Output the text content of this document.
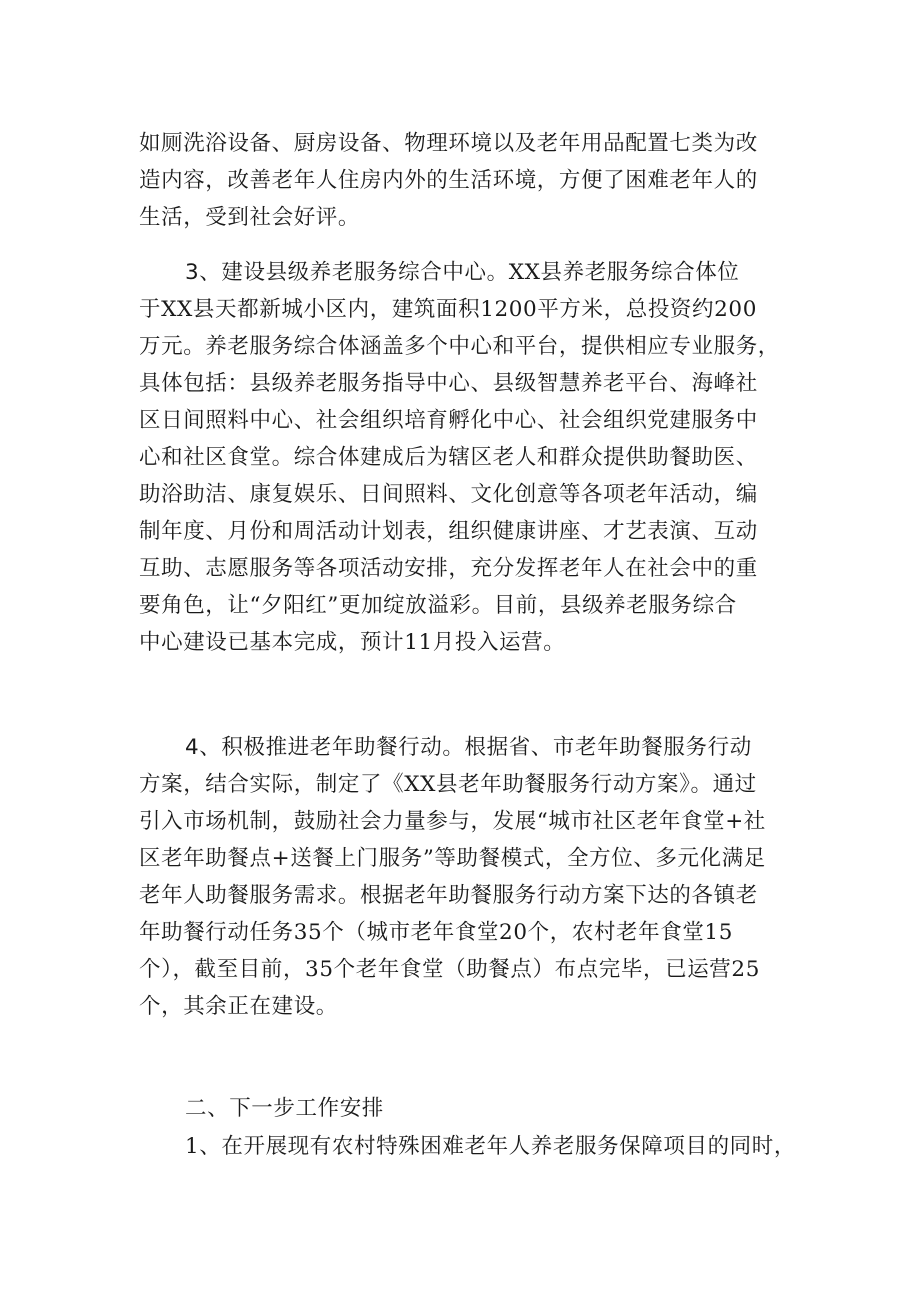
如厕洗浴设备、厨房设备、物理环境以及老年用品配置七类为改
造内容，改善老年人住房内外的生活环境，方便了困难老年人的
生活，受到社会好评。
3、建设县级养老服务综合中心。XX县养老服务综合体位
于XX县天都新城小区内，建筑面积1200平方米，总投资约200
万元。养老服务综合体涵盖多个中心和平台，提供相应专业服务，
具体包括：县级养老服务指导中心、县级智慧养老平台、海峰社
区日间照料中心、社会组织培育孵化中心、社会组织党建服务中
心和社区食堂。综合体建成后为辖区老人和群众提供助餐助医、
助浴助洁、康复娱乐、日间照料、文化创意等各项老年活动，编
制年度、月份和周活动计划表，组织健康讲座、才艺表演、互动
互助、志愿服务等各项活动安排，充分发挥老年人在社会中的重
要角色，让“夕阳红”更加绽放溢彩。目前，县级养老服务综合
中心建设已基本完成，预计11月投入运营。
4、积极推进老年助餐行动。根据省、市老年助餐服务行动
方案，结合实际，制定了《XX县老年助餐服务行动方案》。通过
引入市场机制，鼓励社会力量参与，发展“城市社区老年食堂+社
区老年助餐点+送餐上门服务”等助餐模式，全方位、多元化满足
老年人助餐服务需求。根据老年助餐服务行动方案下达的各镇老
年助餐行动任务35个（城市老年食堂20个，农村老年食堂15
个），截至目前，35个老年食堂（助餐点）布点完毕，已运营25
个，其余正在建设。
二、下一步工作安排
1、在开展现有农村特殊困难老年人养老服务保障项目的同时，
